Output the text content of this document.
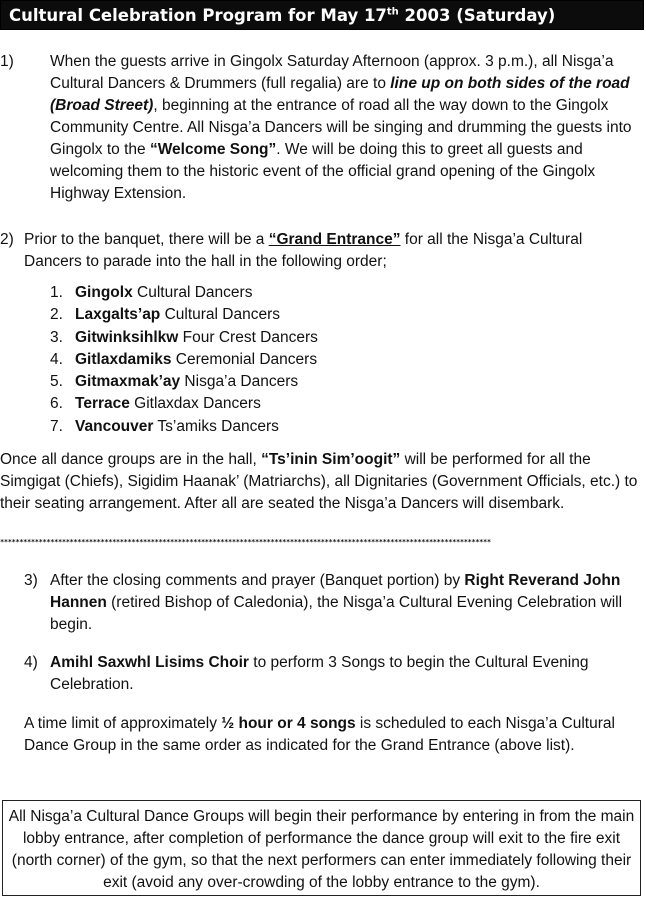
Cultural Celebration Program for May 17th 2003 (Saturday)
1) When the guests arrive in Gingolx Saturday Afternoon (approx. 3 p.m.), all Nisga’a Cultural Dancers & Drummers (full regalia) are to line up on both sides of the road (Broad Street), beginning at the entrance of road all the way down to the Gingolx Community Centre. All Nisga’a Dancers will be singing and drumming the guests into Gingolx to the “Welcome Song”. We will be doing this to greet all guests and welcoming them to the historic event of the official grand opening of the Gingolx Highway Extension.
2) Prior to the banquet, there will be a “Grand Entrance” for all the Nisga’a Cultural Dancers to parade into the hall in the following order;
1. Gingolx Cultural Dancers
2. Laxgalts’ap Cultural Dancers
3. Gitwinksihlkw Four Crest Dancers
4. Gitlaxdamiks Ceremonial Dancers
5. Gitmaxmak’ay Nisga’a Dancers
6. Terrace Gitlaxdax Dancers
7. Vancouver Ts’amiks Dancers
Once all dance groups are in the hall, “Ts’inin Sim’oogit” will be performed for all the Simgigat (Chiefs), Sigidim Haanak’ (Matriarchs), all Dignitaries (Government Officials, etc.) to their seating arrangement. After all are seated the Nisga’a Dancers will disembark.
*******************************************************************************************************************************
3) After the closing comments and prayer (Banquet portion) by Right Reverand John Hannen (retired Bishop of Caledonia), the Nisga’a Cultural Evening Celebration will begin.
4) Amihl Saxwhl Lisims Choir to perform 3 Songs to begin the Cultural Evening Celebration.
A time limit of approximately ½ hour or 4 songs is scheduled to each Nisga’a Cultural Dance Group in the same order as indicated for the Grand Entrance (above list).
All Nisga’a Cultural Dance Groups will begin their performance by entering in from the main lobby entrance, after completion of performance the dance group will exit to the fire exit (north corner) of the gym, so that the next performers can enter immediately following their exit (avoid any over-crowding of the lobby entrance to the gym).
